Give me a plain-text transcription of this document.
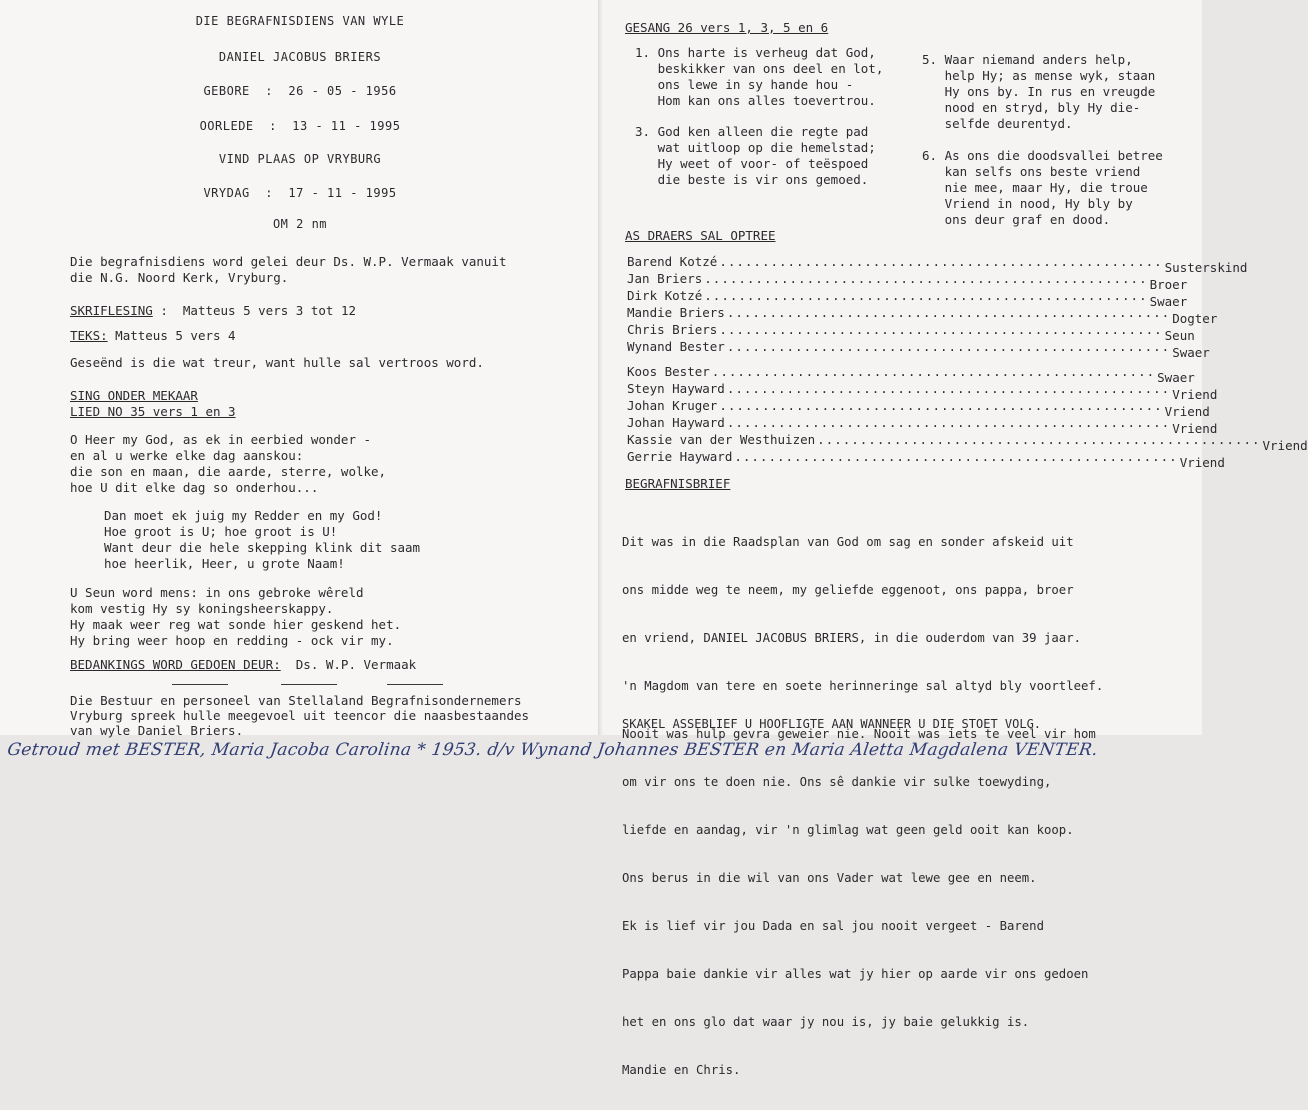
DIE BEGRAFNISDIENS VAN WYLE
DANIEL JACOBUS BRIERS
GEBORE  :  26 - 05 - 1956
OORLEDE  :  13 - 11 - 1995
VIND PLAAS OP VRYBURG
VRYDAG  :  17 - 11 - 1995
OM 2 nm
Die begrafnisdiens word gelei deur Ds. W.P. Vermaak vanuit
die N.G. Noord Kerk, Vryburg.
SKRIFLESING :  Matteus 5 vers 3 tot 12
TEKS: Matteus 5 vers 4
Geseënd is die wat treur, want hulle sal vertroos word.
SING ONDER MEKAAR
LIED NO 35 vers 1 en 3
O Heer my God, as ek in eerbied wonder -
en al u werke elke dag aanskou:
die son en maan, die aarde, sterre, wolke,
hoe U dit elke dag so onderhou...
Dan moet ek juig my Redder en my God!
Hoe groot is U; hoe groot is U!
Want deur die hele skepping klink dit saam
hoe heerlik, Heer, u grote Naam!
U Seun word mens: in ons gebroke wêreld
kom vestig Hy sy koningsheerskappy.
Hy maak weer reg wat sonde hier geskend het.
Hy bring weer hoop en redding - ock vir my.
BEDANKINGS WORD GEDOEN DEUR:  Ds. W.P. Vermaak
Die Bestuur en personeel van Stellaland Begrafnisondernemers
Vryburg spreek hulle meegevoel uit teencor die naasbestaandes
van wyle Daniel Briers.
GESANG 26 vers 1, 3, 5 en 6
1. Ons harte is verheug dat God,
beskikker van ons deel en lot,
ons lewe in sy hande hou -
Hom kan ons alles toevertrou.
3. God ken alleen die regte pad
wat uitloop op die hemelstad;
Hy weet of voor- of teëspoed
die beste is vir ons gemoed.
5. Waar niemand anders help,
help Hy; as mense wyk, staan
Hy ons by. In rus en vreugde
nood en stryd, bly Hy die-
selfde deurentyd.
6. As ons die doodsvallei betree
kan selfs ons beste vriend
nie mee, maar Hy, die troue
Vriend in nood, Hy bly by
ons deur graf en dood.
AS DRAERS SAL OPTREE
Barend Kotzé .................................................... Susterskind
Jan Briers .................................................... Broer
Dirk Kotzé .................................................... Swaer
Mandie Briers .................................................... Dogter
Chris Briers .................................................... Seun
Wynand Bester .................................................... Swaer
Koos Bester .................................................... Swaer
Steyn Hayward .................................................... Vriend
Johan Kruger .................................................... Vriend
Johan Hayward .................................................... Vriend
Kassie van der Westhuizen .................................................... Vriend
Gerrie Hayward .................................................... Vriend
BEGRAFNISBRIEF

Dit was in die Raadsplan van God om sag en sonder afskeid uit

ons midde weg te neem, my geliefde eggenoot, ons pappa, broer

en vriend, DANIEL JACOBUS BRIERS, in die ouderdom van 39 jaar.

'n Magdom van tere en soete herinneringe sal altyd bly voortleef.

Nooit was hulp gevra geweier nie. Nooit was iets te veel vir hom

om vir ons te doen nie. Ons sê dankie vir sulke toewyding,

liefde en aandag, vir 'n glimlag wat geen geld ooit kan koop.

Ons berus in die wil van ons Vader wat lewe gee en neem.

Ek is lief vir jou Dada en sal jou nooit vergeet - Barend

Pappa baie dankie vir alles wat jy hier op aarde vir ons gedoen

het en ons glo dat waar jy nou is, jy baie gelukkig is.

Mandie en Chris.

SKAKEL ASSEBLIEF U HOOFLIGTE AAN WANNEER U DIE STOET VOLG.
Getroud met BESTER, Maria Jacoba Carolina * 1953. d/v Wynand Johannes BESTER en Maria Aletta Magdalena VENTER.
